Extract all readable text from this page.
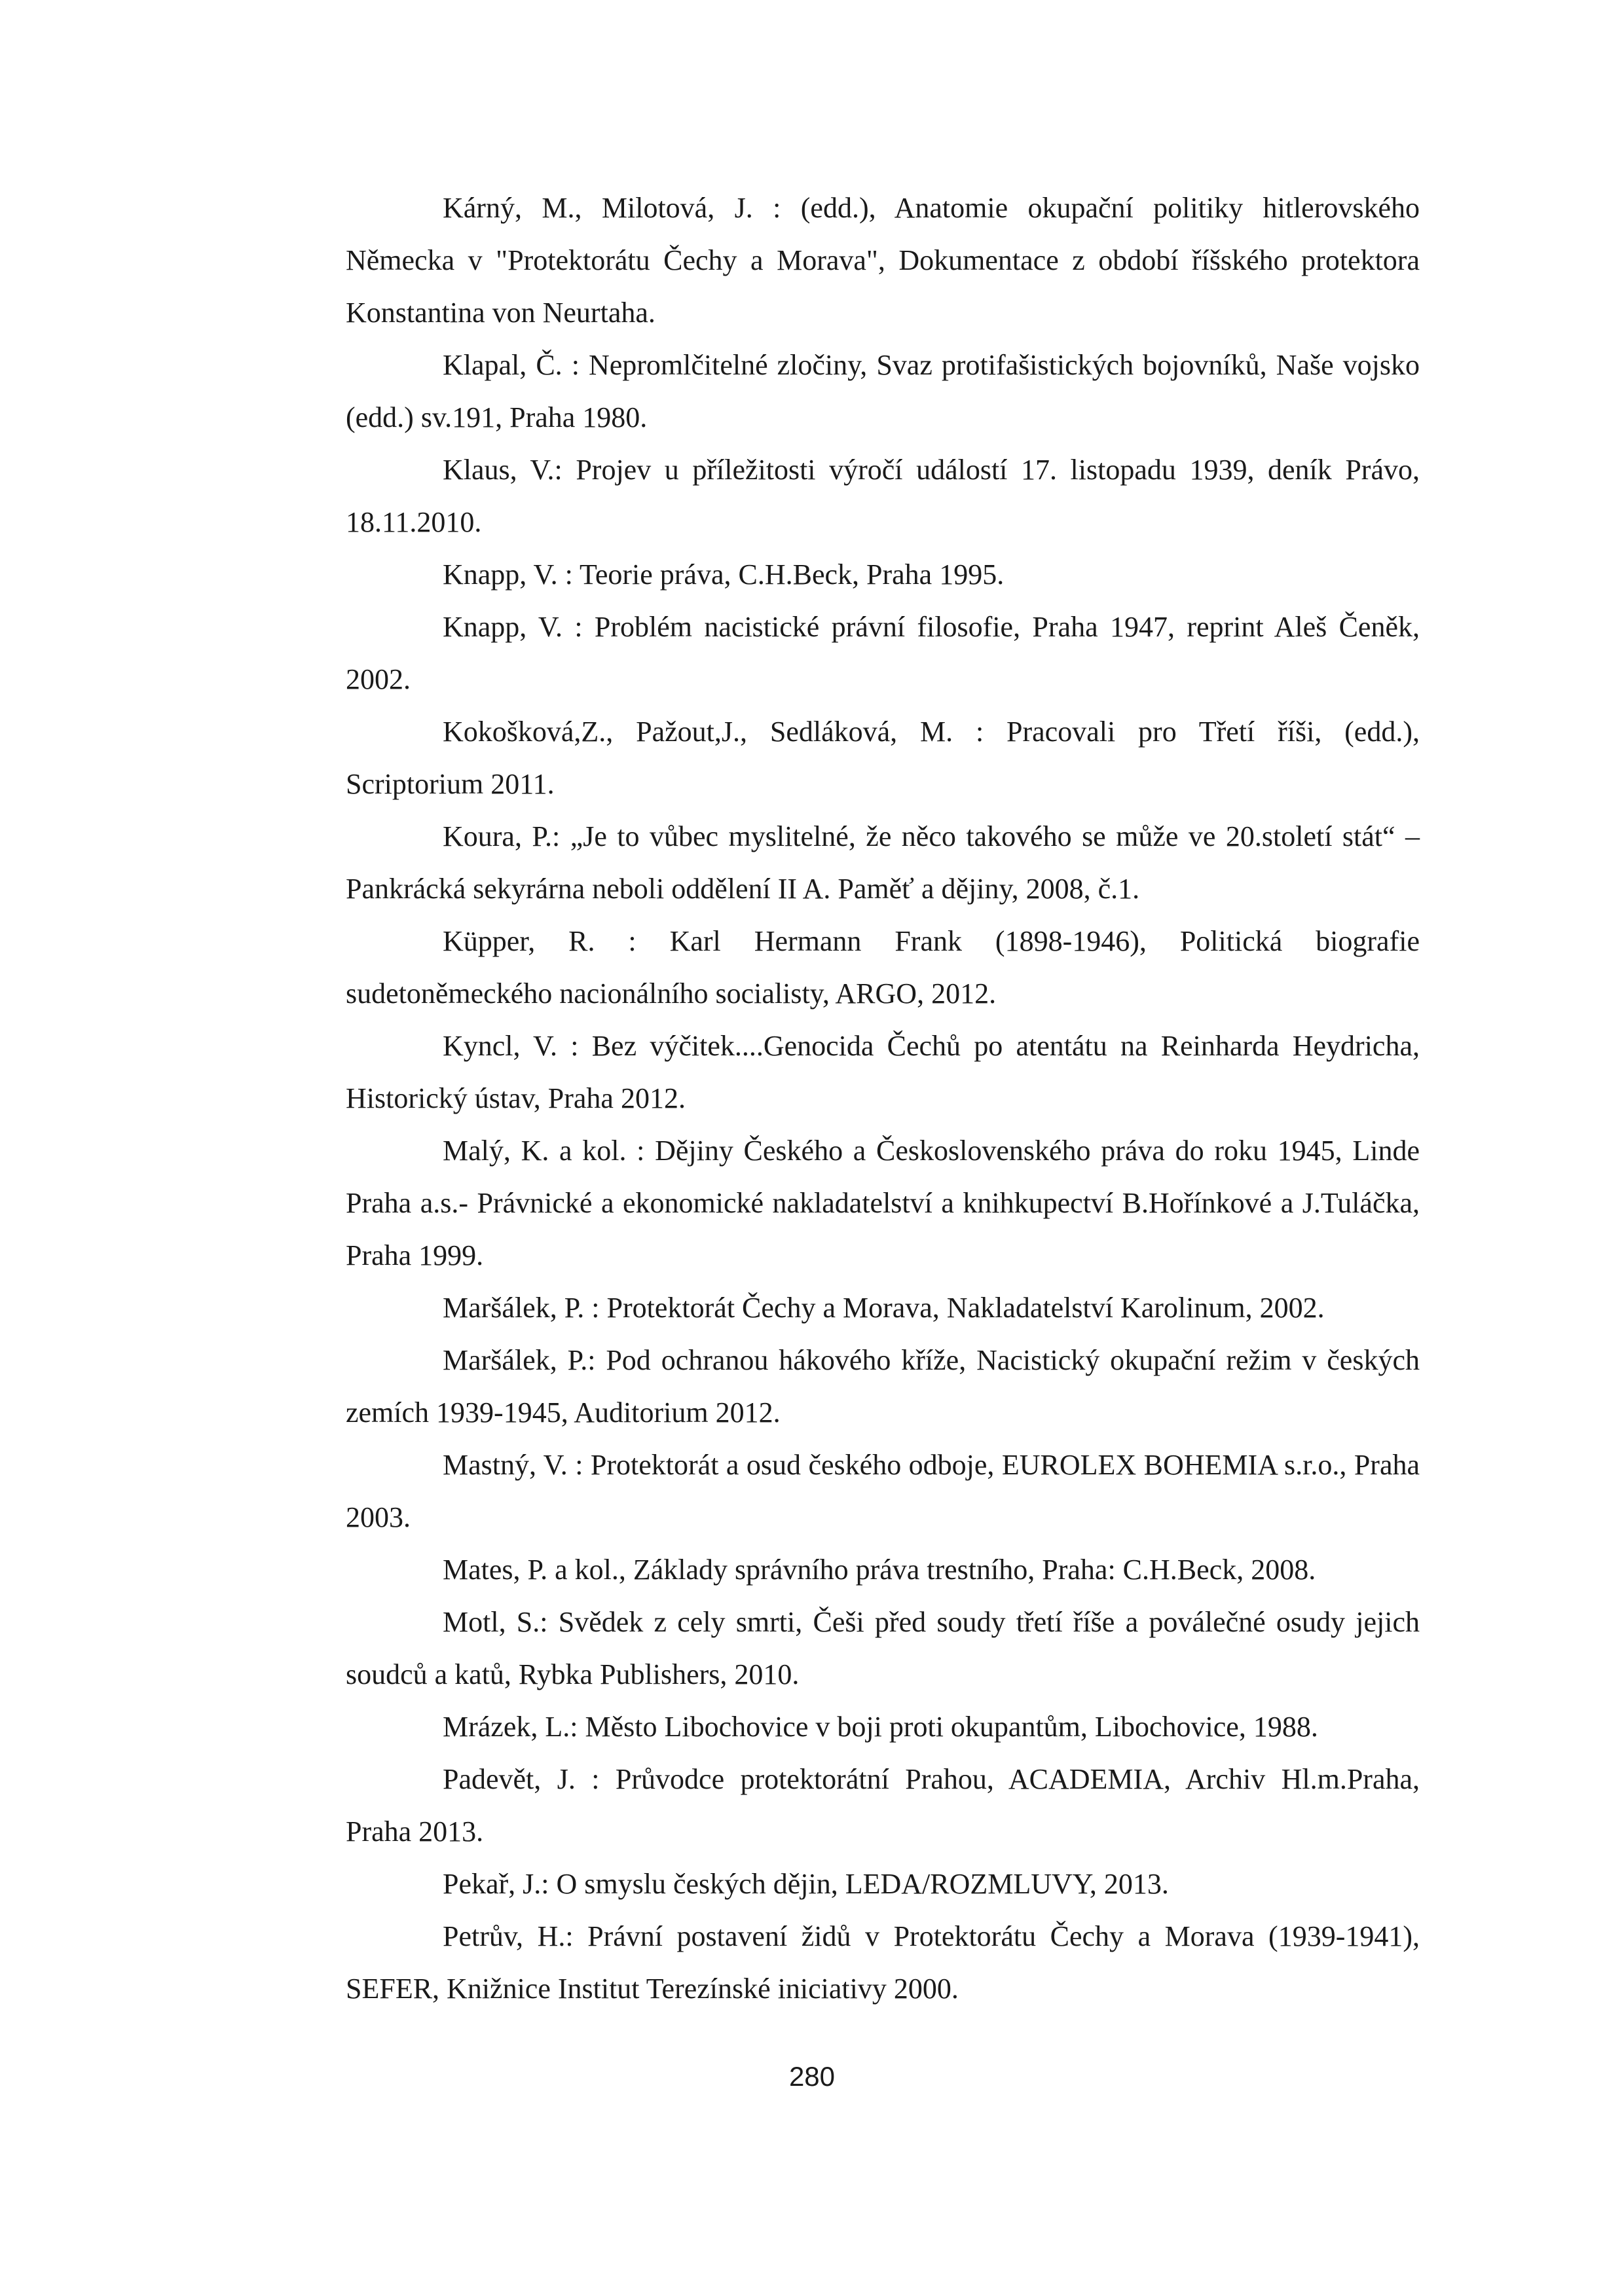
Kárný, M., Milotová, J. : (edd.), Anatomie okupační politiky hitlerovského Německa v "Protektorátu Čechy a Morava", Dokumentace z období říšského protektora Konstantina von Neurtaha.

Klapal, Č. : Nepromlčitelné zločiny, Svaz protifašistických bojovníků, Naše vojsko (edd.) sv.191, Praha 1980.

Klaus, V.: Projev u příležitosti výročí událostí 17. listopadu 1939, deník Právo, 18.11.2010.

Knapp, V. : Teorie práva, C.H.Beck, Praha 1995.

Knapp, V. : Problém nacistické právní filosofie, Praha 1947, reprint Aleš Čeněk, 2002.

Kokošková,Z., Pažout,J., Sedláková, M. : Pracovali pro Třetí říši, (edd.), Scriptorium 2011.

Koura, P.: „Je to vůbec myslitelné, že něco takového se může ve 20.století stát“ – Pankrácká sekyrárna neboli oddělení II A. Paměť a dějiny, 2008, č.1.

Küpper, R. : Karl Hermann Frank (1898-1946), Politická biografie sudetoněmeckého nacionálního socialisty, ARGO, 2012.

Kyncl, V. : Bez výčitek....Genocida Čechů po atentátu na Reinharda Heydricha, Historický ústav, Praha 2012.

Malý, K. a kol. : Dějiny Českého a Československého práva do roku 1945, Linde Praha a.s.- Právnické a ekonomické nakladatelství a knihkupectví B.Hořínkové a J.Tuláčka, Praha 1999.

Maršálek, P. : Protektorát Čechy a Morava, Nakladatelství Karolinum, 2002.

Maršálek, P.: Pod ochranou hákového kříže, Nacistický okupační režim v českých zemích 1939-1945, Auditorium 2012.

Mastný, V. : Protektorát a osud českého odboje, EUROLEX BOHEMIA s.r.o., Praha 2003.

Mates, P. a kol., Základy správního práva trestního, Praha: C.H.Beck, 2008.

Motl, S.: Svědek z cely smrti, Češi před soudy třetí říše a poválečné osudy jejich soudců a katů, Rybka Publishers, 2010.

Mrázek, L.: Město Libochovice v boji proti okupantům, Libochovice, 1988.

Padevět, J. : Průvodce protektorátní Prahou, ACADEMIA, Archiv Hl.m.Praha, Praha 2013.

Pekař, J.: O smyslu českých dějin, LEDA/ROZMLUVY, 2013.

Petrův, H.: Právní postavení židů v Protektorátu Čechy a Morava (1939-1941), SEFER, Knižnice Institut Terezínské iniciativy 2000.

280
